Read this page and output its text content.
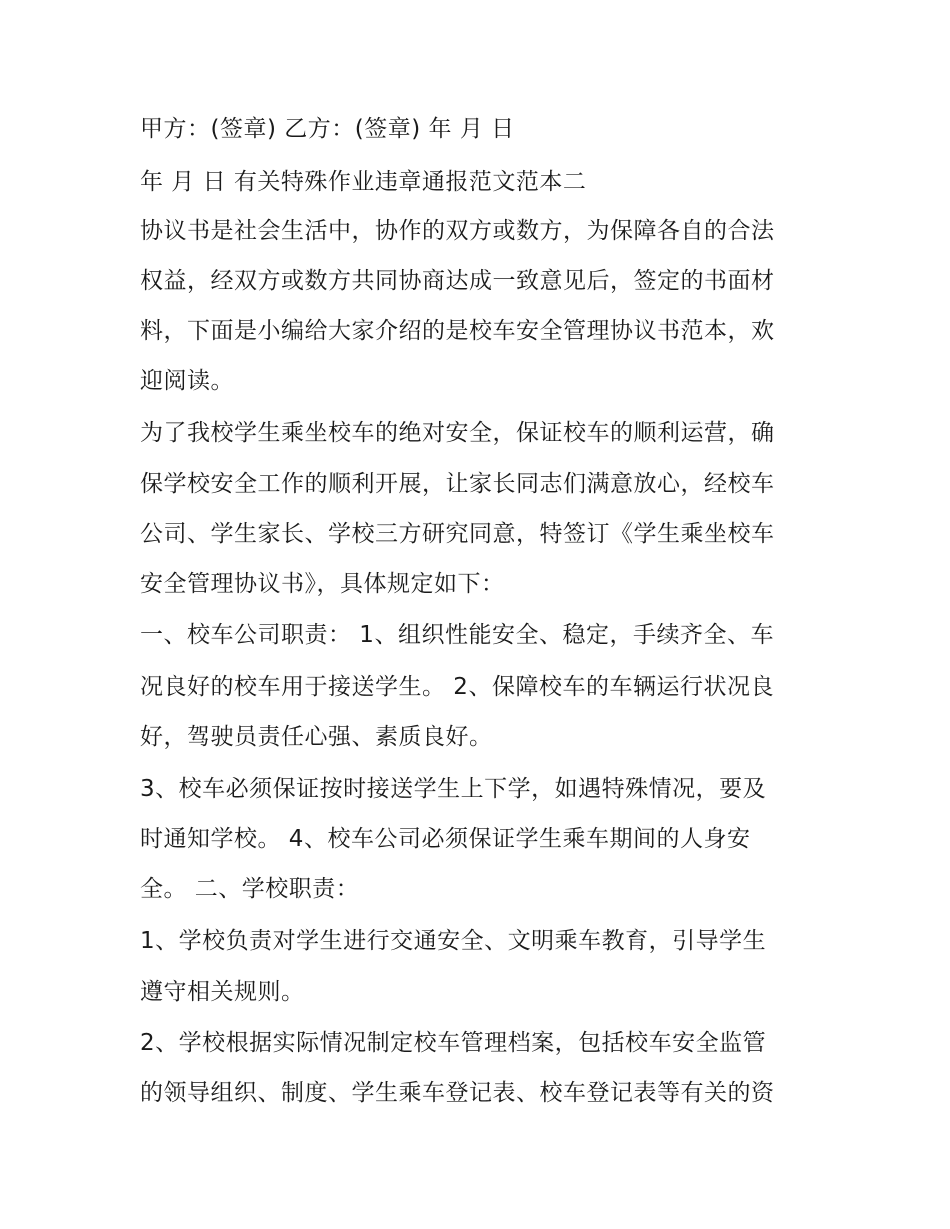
甲方：(签章) 乙方：(签章) 年 月 日
年 月 日 有关特殊作业违章通报范文范本二
协议书是社会生活中，协作的双方或数方，为保障各自的合法
权益，经双方或数方共同协商达成一致意见后，签定的书面材
料，下面是小编给大家介绍的是校车安全管理协议书范本，欢
迎阅读。
为了我校学生乘坐校车的绝对安全，保证校车的顺利运营，确
保学校安全工作的顺利开展，让家长同志们满意放心，经校车
公司、学生家长、学校三方研究同意，特签订《学生乘坐校车
安全管理协议书》，具体规定如下：
一、校车公司职责： 1、组织性能安全、稳定，手续齐全、车
况良好的校车用于接送学生。 2、保障校车的车辆运行状况良
好，驾驶员责任心强、素质良好。
3、校车必须保证按时接送学生上下学，如遇特殊情况，要及
时通知学校。 4、校车公司必须保证学生乘车期间的人身安
全。 二、学校职责：
1、学校负责对学生进行交通安全、文明乘车教育，引导学生
遵守相关规则。
2、学校根据实际情况制定校车管理档案，包括校车安全监管
的领导组织、制度、学生乘车登记表、校车登记表等有关的资
